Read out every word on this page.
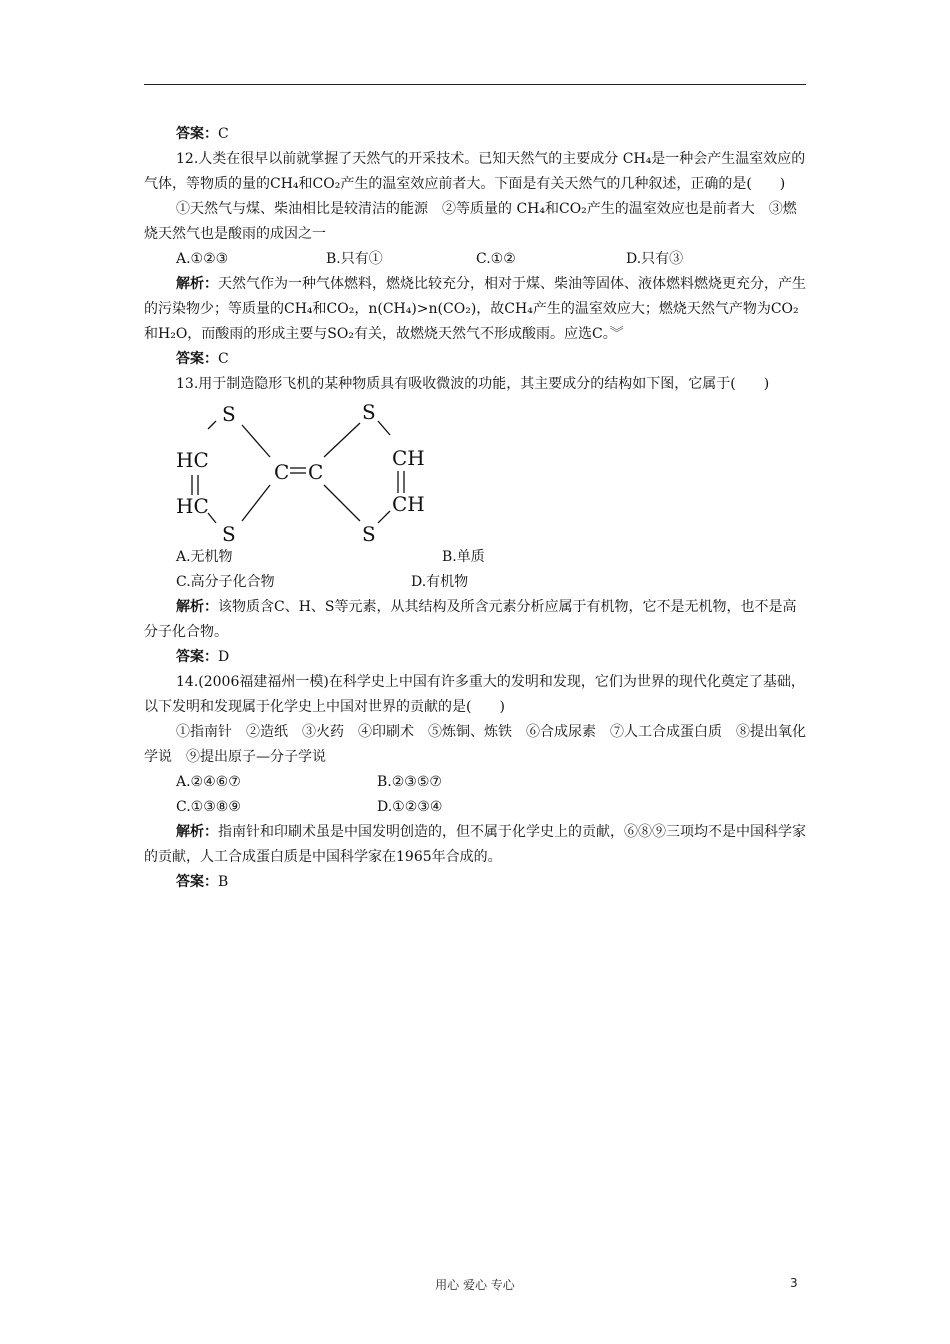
答案：C

12.人类在很早以前就掌握了天然气的开采技术。已知天然气的主要成分 CH₄是一种会产生温室效应的气体，等物质的量的CH₄和CO₂产生的温室效应前者大。下面是有关天然气的几种叙述，正确的是(　　)

①天然气与煤、柴油相比是较清洁的能源　②等质量的 CH₄和CO₂产生的温室效应也是前者大　③燃烧天然气也是酸雨的成因之一

A.①②③	B.只有①	C.①②	D.只有③

解析：天然气作为一种气体燃料，燃烧比较充分，相对于煤、柴油等固体、液体燃料燃烧更充分，产生的污染物少；等质量的CH₄和CO₂，n(CH₄)>n(CO₂)，故CH₄产生的温室效应大；燃烧天然气产物为CO₂和H₂O，而酸雨的形成主要与SO₂有关，故燃烧天然气不形成酸雨。应选C。︾

答案：C

13.用于制造隐形飞机的某种物质具有吸收微波的功能，其主要成分的结构如下图，它属于(　　)

S
HC
HC
S
C C
S
CH
CH
S
A.无机物	B.单质
C.高分子化合物	D.有机物

解析：该物质含C、H、S等元素，从其结构及所含元素分析应属于有机物，它不是无机物，也不是高分子化合物。

答案：D

14.(2006福建福州一模)在科学史上中国有许多重大的发明和发现，它们为世界的现代化奠定了基础，以下发明和发现属于化学史上中国对世界的贡献的是(　　)

①指南针　②造纸　③火药　④印刷术　⑤炼铜、炼铁　⑥合成尿素　⑦人工合成蛋白质　⑧提出氧化学说　⑨提出原子—分子学说

A.②④⑥⑦	B.②③⑤⑦
C.①③⑧⑨	D.①②③④

解析：指南针和印刷术虽是中国发明创造的，但不属于化学史上的贡献，⑥⑧⑨三项均不是中国科学家的贡献，人工合成蛋白质是中国科学家在1965年合成的。

答案：B

用心 爱心 专心	3
